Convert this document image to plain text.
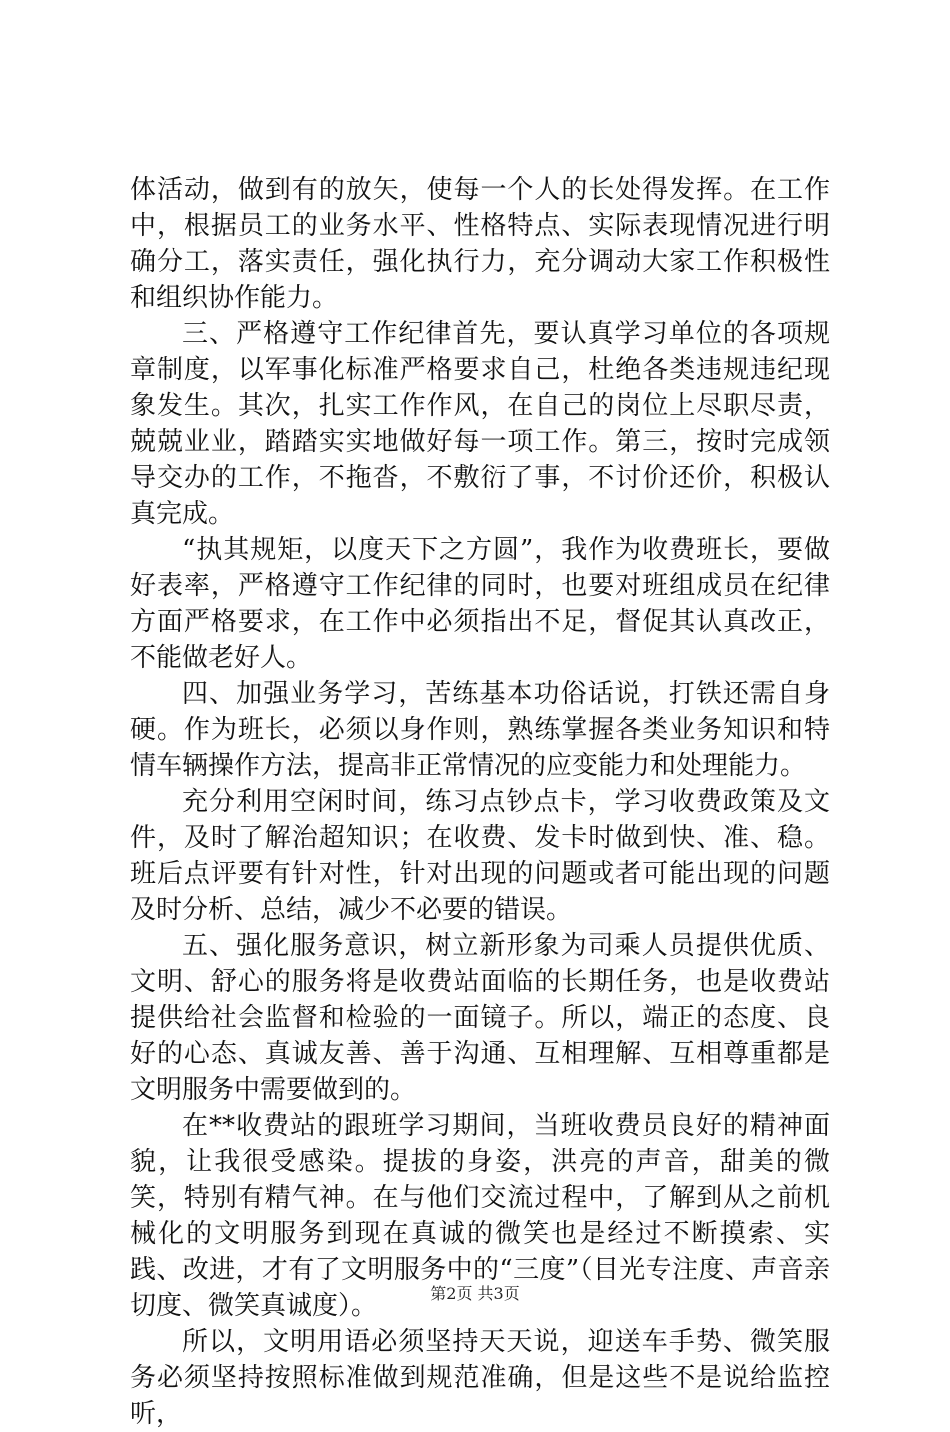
体活动，做到有的放矢，使每一个人的长处得发挥。在工作中，根据员工的业务水平、性格特点、实际表现情况进行明确分工，落实责任，强化执行力，充分调动大家工作积极性和组织协作能力。

三、严格遵守工作纪律首先，要认真学习单位的各项规章制度，以军事化标准严格要求自己，杜绝各类违规违纪现象发生。其次，扎实工作作风，在自己的岗位上尽职尽责，兢兢业业，踏踏实实地做好每一项工作。第三，按时完成领导交办的工作，不拖沓，不敷衍了事，不讨价还价，积极认真完成。

“执其规矩，以度天下之方圆”，我作为收费班长，要做好表率，严格遵守工作纪律的同时，也要对班组成员在纪律方面严格要求，在工作中必须指出不足，督促其认真改正，不能做老好人。

四、加强业务学习，苦练基本功俗话说，打铁还需自身硬。作为班长，必须以身作则，熟练掌握各类业务知识和特情车辆操作方法，提高非正常情况的应变能力和处理能力。

充分利用空闲时间，练习点钞点卡，学习收费政策及文件，及时了解治超知识；在收费、发卡时做到快、准、稳。班后点评要有针对性，针对出现的问题或者可能出现的问题及时分析、总结，减少不必要的错误。

五、强化服务意识，树立新形象为司乘人员提供优质、文明、舒心的服务将是收费站面临的长期任务，也是收费站提供给社会监督和检验的一面镜子。所以，端正的态度、良好的心态、真诚友善、善于沟通、互相理解、互相尊重都是文明服务中需要做到的。

在**收费站的跟班学习期间，当班收费员良好的精神面貌，让我很受感染。提拔的身姿，洪亮的声音，甜美的微笑，特别有精气神。在与他们交流过程中，了解到从之前机械化的文明服务到现在真诚的微笑也是经过不断摸索、实践、改进，才有了文明服务中的“三度”（目光专注度、声音亲切度、微笑真诚度）。

所以，文明用语必须坚持天天说，迎送车手势、微笑服务必须坚持按照标准做到规范准确，但是这些不是说给监控听，

第2页 共3页
